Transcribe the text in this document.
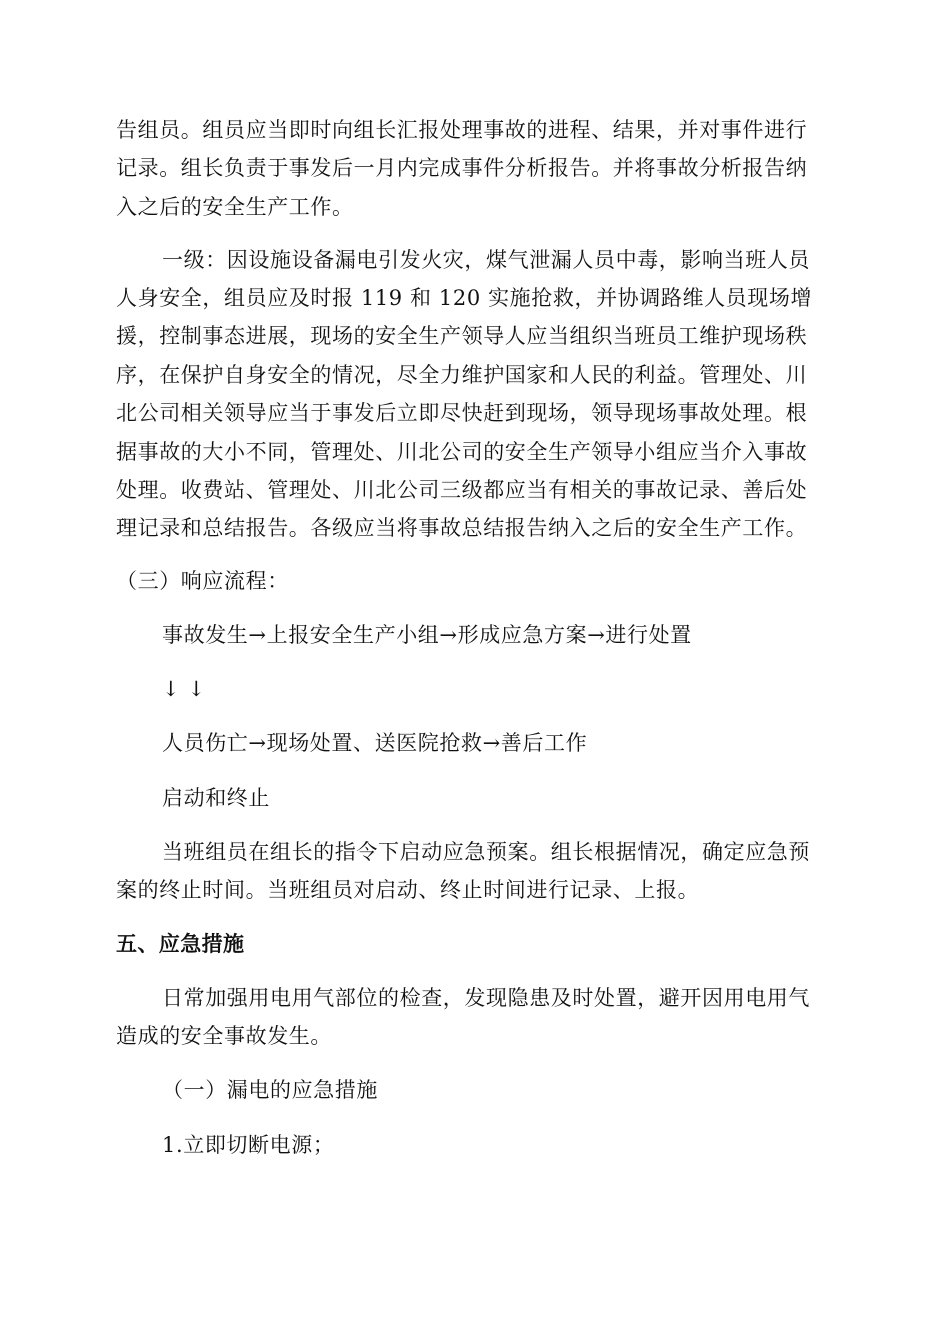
告组员。组员应当即时向组长汇报处理事故的进程、结果，并对事件进行
记录。组长负责于事发后一月内完成事件分析报告。并将事故分析报告纳
入之后的安全生产工作。
一级：因设施设备漏电引发火灾，煤气泄漏人员中毒，影响当班人员
人身安全，组员应及时报 119 和 120 实施抢救，并协调路维人员现场增
援，控制事态进展，现场的安全生产领导人应当组织当班员工维护现场秩
序，在保护自身安全的情况，尽全力维护国家和人民的利益。管理处、川
北公司相关领导应当于事发后立即尽快赶到现场，领导现场事故处理。根
据事故的大小不同，管理处、川北公司的安全生产领导小组应当介入事故
处理。收费站、管理处、川北公司三级都应当有相关的事故记录、善后处
理记录和总结报告。各级应当将事故总结报告纳入之后的安全生产工作。
（三）响应流程：
事故发生→上报安全生产小组→形成应急方案→进行处置
↓ ↓
人员伤亡→现场处置、送医院抢救→善后工作
启动和终止
当班组员在组长的指令下启动应急预案。组长根据情况，确定应急预
案的终止时间。当班组员对启动、终止时间进行记录、上报。
五、应急措施
日常加强用电用气部位的检查，发现隐患及时处置，避开因用电用气
造成的安全事故发生。
（一）漏电的应急措施
1.立即切断电源；
